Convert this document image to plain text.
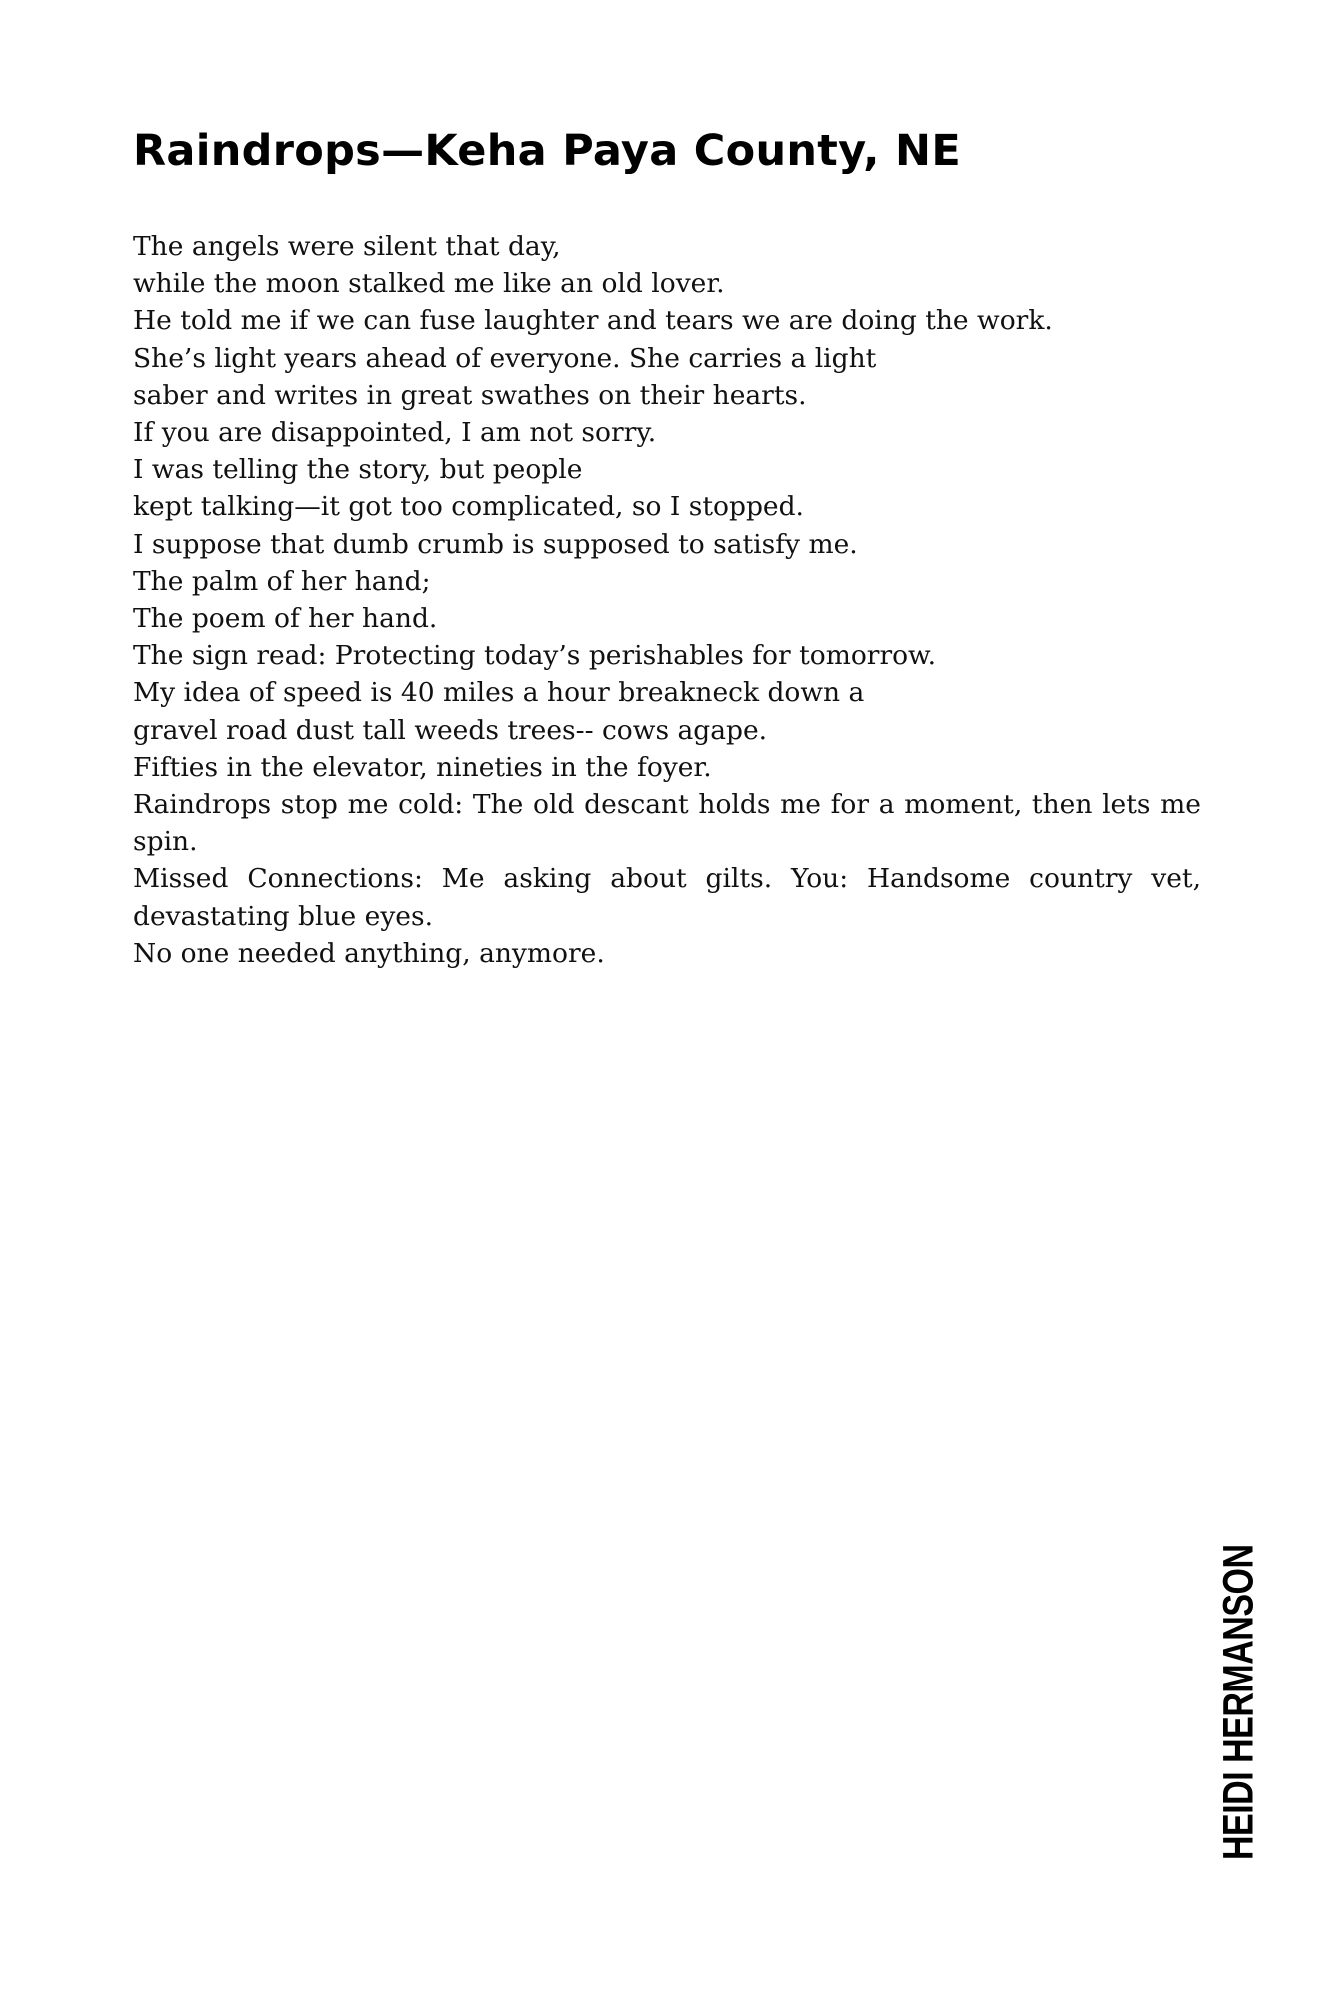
Raindrops—Keha Paya County, NE

The angels were silent that day,

while the moon stalked me like an old lover.

He told me if we can fuse laughter and tears we are doing the work.

She’s light years ahead of everyone. She carries a light

saber and writes in great swathes on their hearts.

If you are disappointed, I am not sorry.

I was telling the story, but people

kept talking—it got too complicated, so I stopped.

I suppose that dumb crumb is supposed to satisfy me.

The palm of her hand;

The poem of her hand.

The sign read: Protecting today’s perishables for tomorrow.

My idea of speed is 40 miles a hour breakneck down a

gravel road dust tall weeds trees-- cows agape.

Fifties in the elevator, nineties in the foyer.

Raindrops stop me cold: The old descant holds me for a moment, then lets me spin.

Missed Connections: Me asking about gilts. You: Handsome country vet, devastating blue eyes.

No one needed anything, anymore.

HEIDI HERMANSON
